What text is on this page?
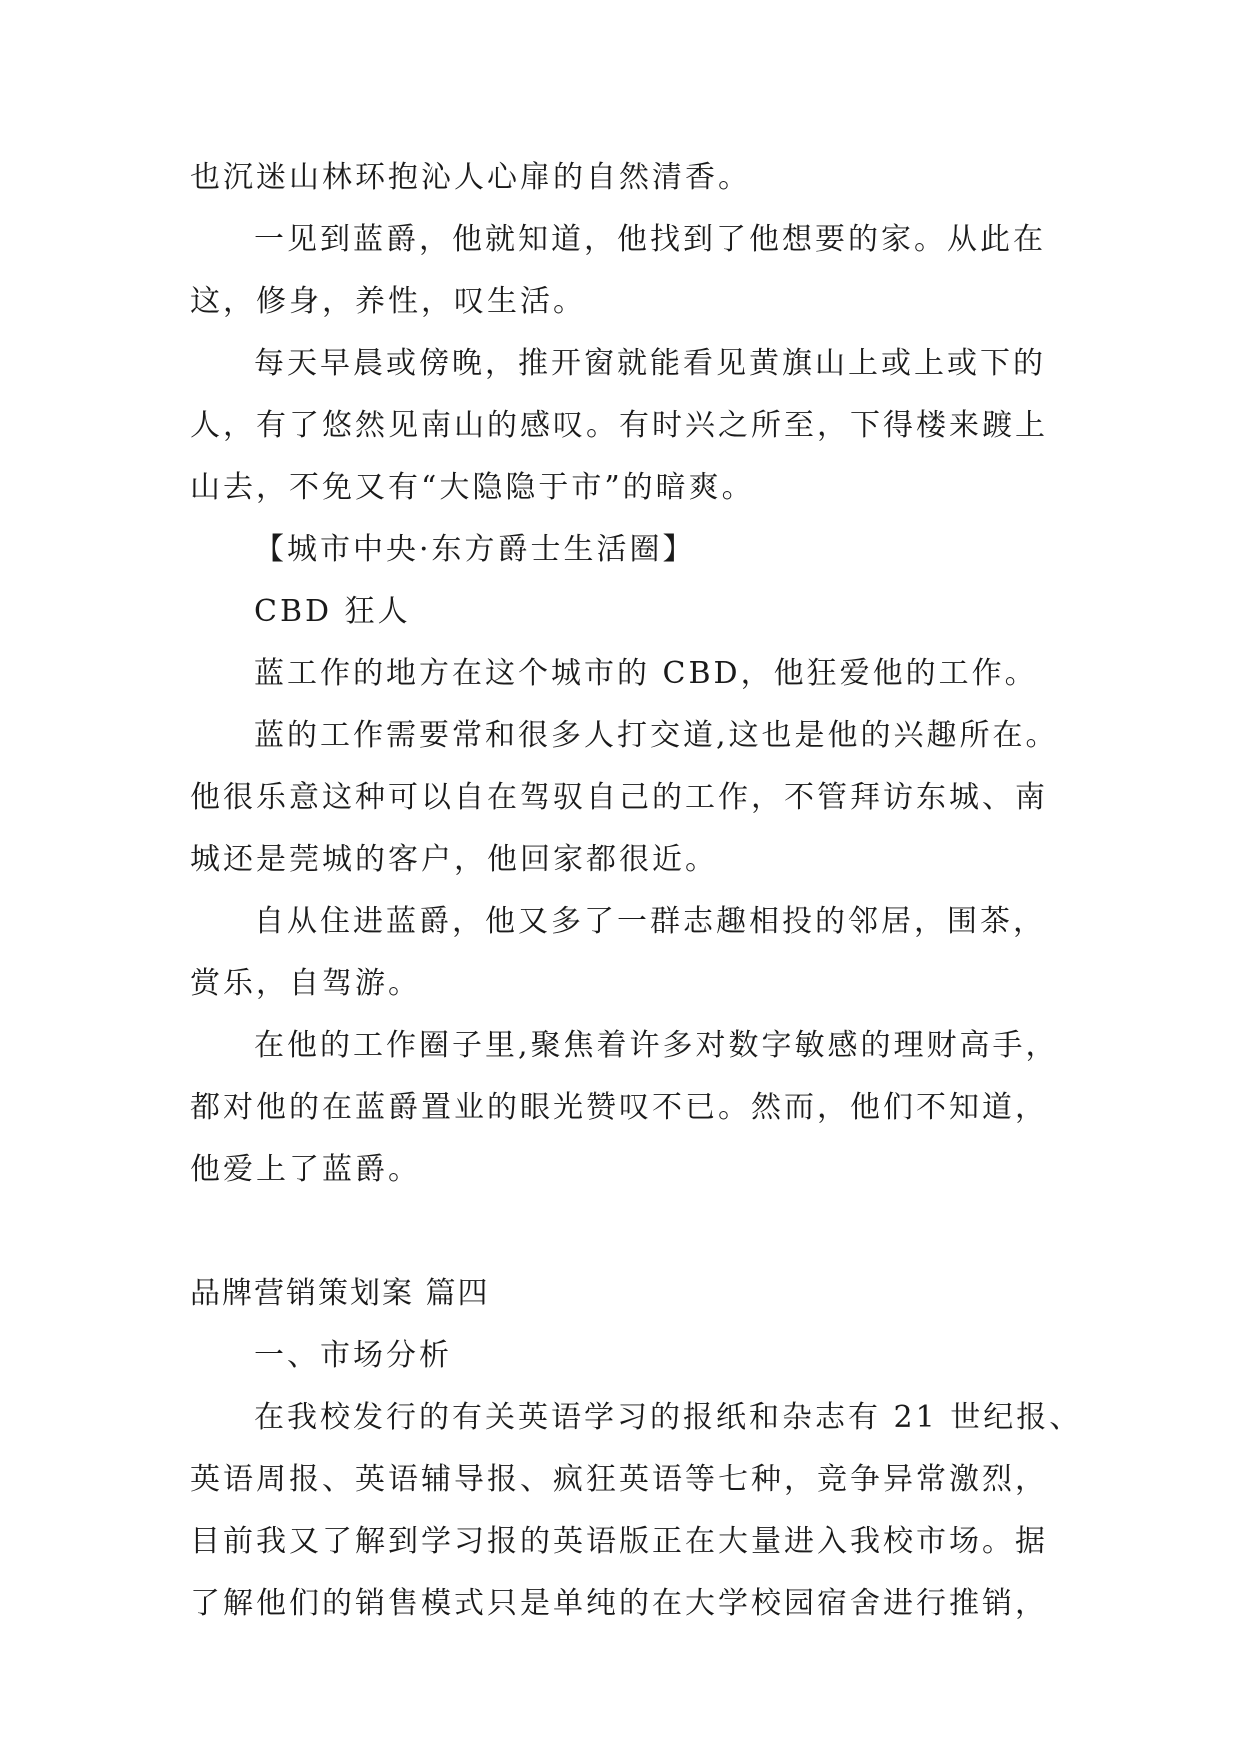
也沉迷山林环抱沁人心扉的自然清香。
一见到蓝爵，他就知道，他找到了他想要的家。从此在
这，修身，养性，叹生活。
每天早晨或傍晚，推开窗就能看见黄旗山上或上或下的
人，有了悠然见南山的感叹。有时兴之所至，下得楼来踱上
山去，不免又有“大隐隐于市”的暗爽。
【城市中央·东方爵士生活圈】
CBD 狂人
蓝工作的地方在这个城市的 CBD，他狂爱他的工作。
蓝的工作需要常和很多人打交道,这也是他的兴趣所在。
他很乐意这种可以自在驾驭自己的工作，不管拜访东城、南
城还是莞城的客户，他回家都很近。
自从住进蓝爵，他又多了一群志趣相投的邻居，围茶，
赏乐，自驾游。
在他的工作圈子里,聚焦着许多对数字敏感的理财高手，
都对他的在蓝爵置业的眼光赞叹不已。然而，他们不知道，
他爱上了蓝爵。
品牌营销策划案 篇四
一、市场分析
在我校发行的有关英语学习的报纸和杂志有 21 世纪报、
英语周报、英语辅导报、疯狂英语等七种，竞争异常激烈，
目前我又了解到学习报的英语版正在大量进入我校市场。据
了解他们的销售模式只是单纯的在大学校园宿舍进行推销，
